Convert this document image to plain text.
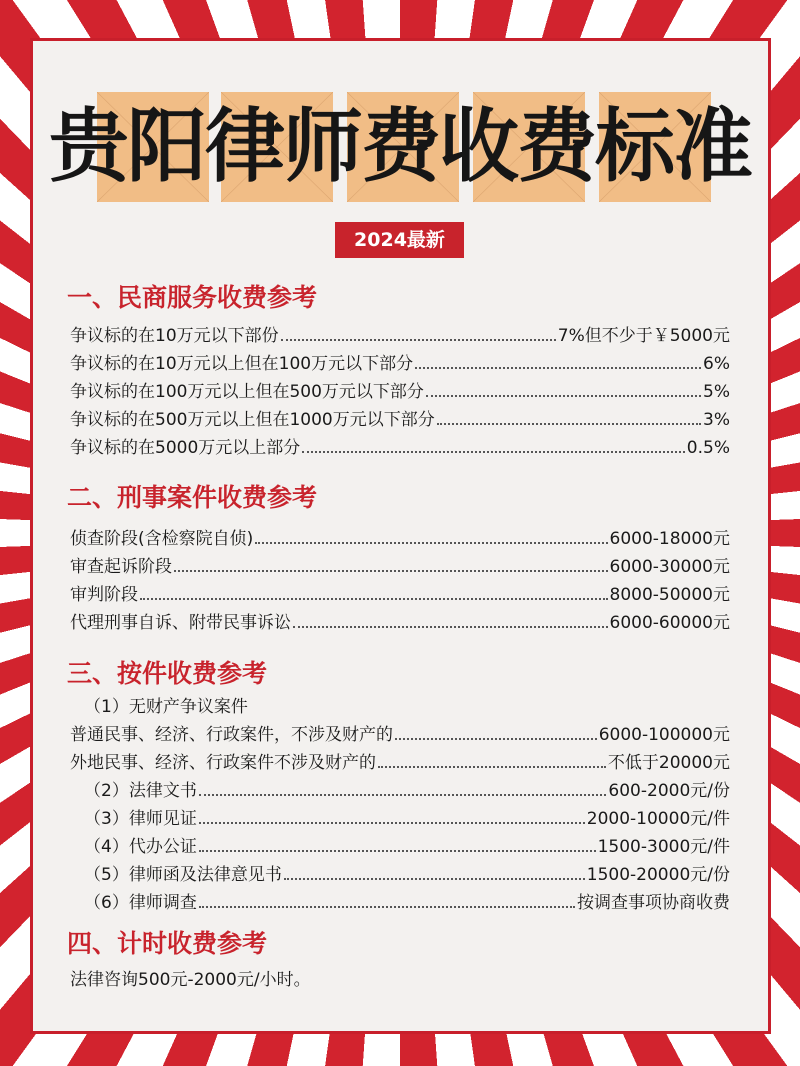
贵阳律师费收费标准
2024最新
一、民商服务收费参考
争议标的在10万元以下部份	7%但不少于￥5000元
争议标的在10万元以上但在100万元以下部分	6%
争议标的在100万元以上但在500万元以下部分	5%
争议标的在500万元以上但在1000万元以下部分	3%
争议标的在5000万元以上部分	0.5%
二、刑事案件收费参考
侦查阶段(含检察院自侦)	6000-18000元
审查起诉阶段	6000-30000元
审判阶段	8000-50000元
代理刑事自诉、附带民事诉讼	6000-60000元
三、按件收费参考
（1）无财产争议案件
普通民事、经济、行政案件，不涉及财产的	6000-100000元
外地民事、经济、行政案件不涉及财产的	不低于20000元
（2）法律文书	600-2000元/份
（3）律师见证	2000-10000元/件
（4）代办公证	1500-3000元/件
（5）律师函及法律意见书	1500-20000元/份
（6）律师调查	按调查事项协商收费
四、计时收费参考
法律咨询500元-2000元/小时。
